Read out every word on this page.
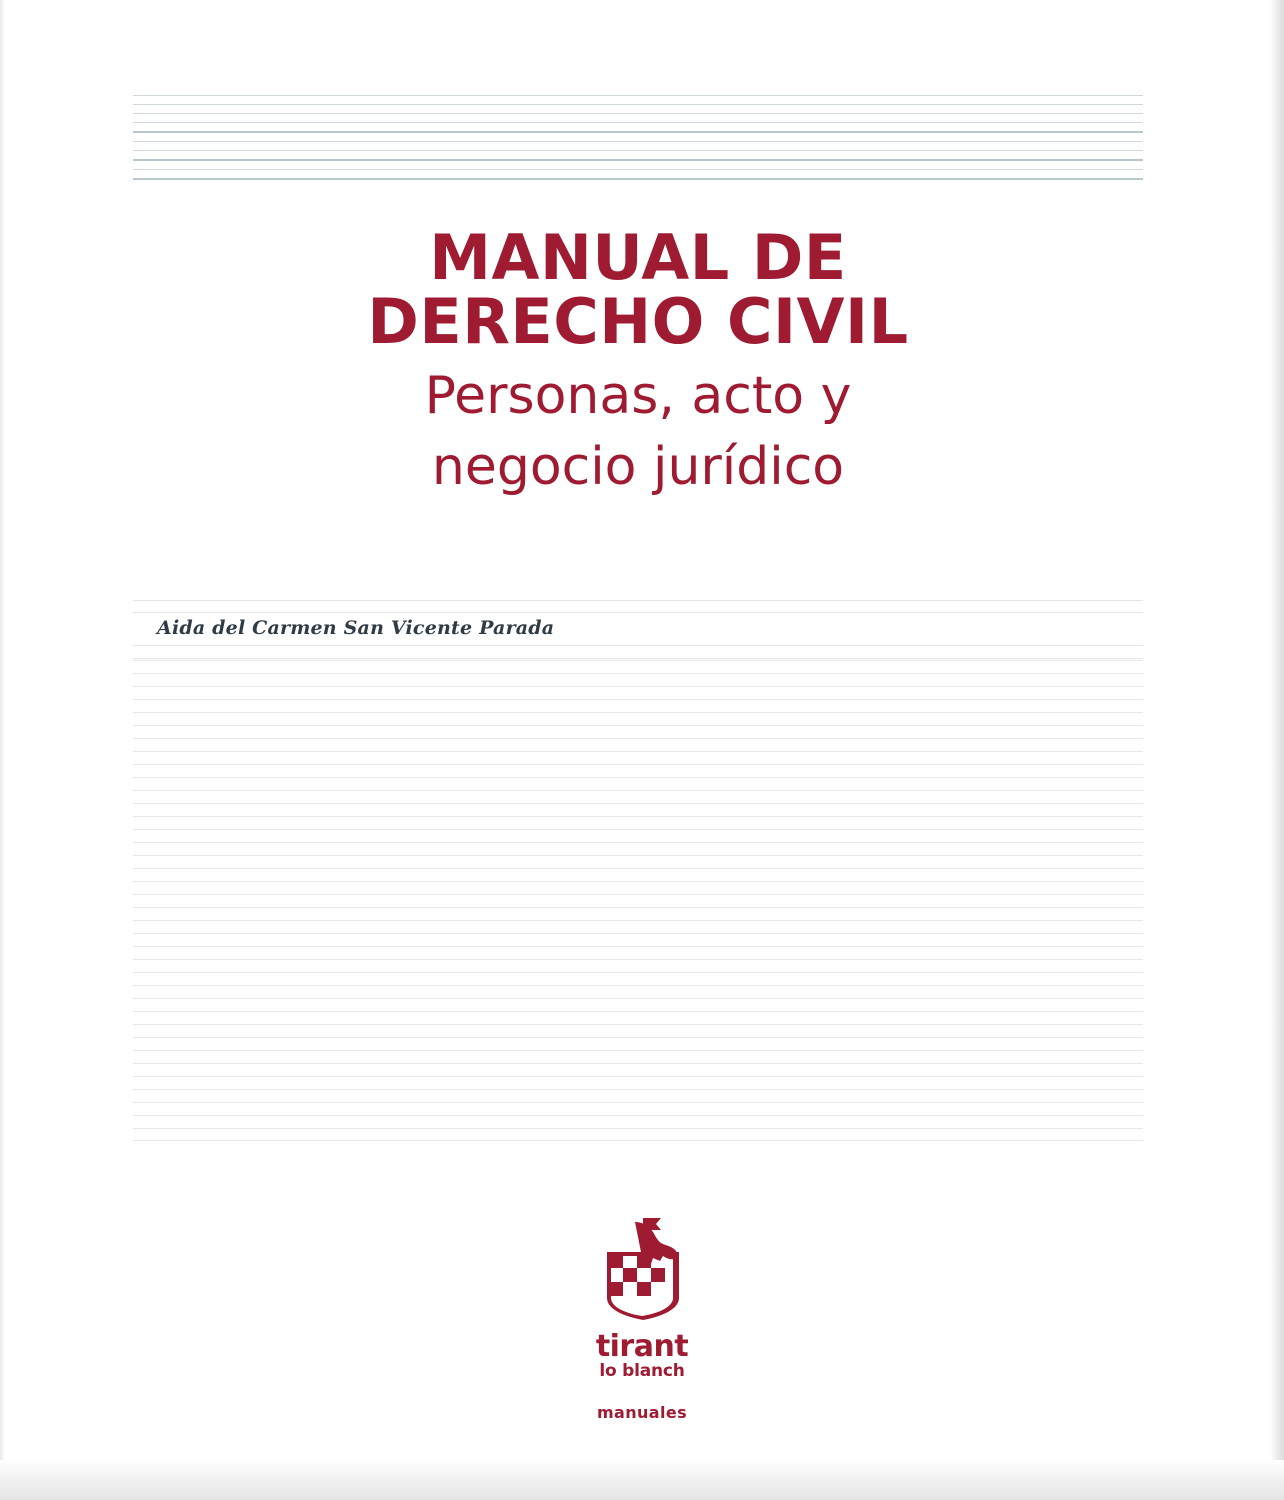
MANUAL DE
DERECHO CIVIL
Personas, acto y
negocio jurídico
Aida del Carmen San Vicente Parada
tirant
lo blanch
manuales
